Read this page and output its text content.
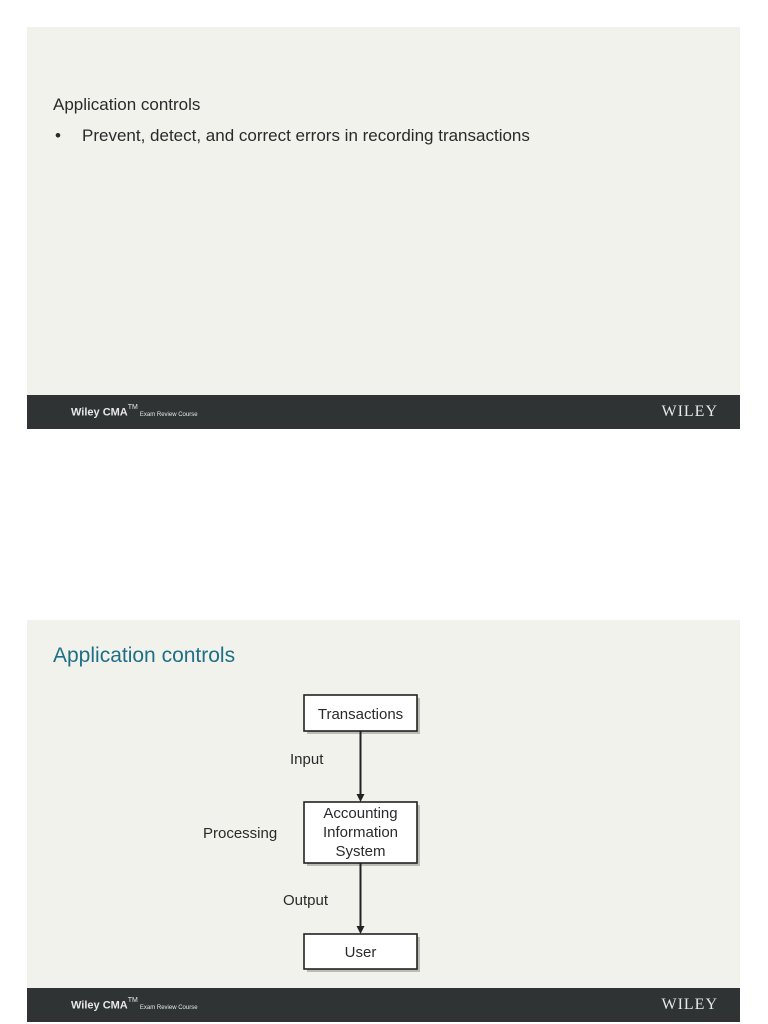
Application controls
• Prevent, detect, and correct errors in recording transactions
Wiley CMA™Exam Review Course	WILEY
Application controls
Transactions
Input
Accounting
Information
System
Processing
Output
User
Wiley CMA™Exam Review Course	WILEY
